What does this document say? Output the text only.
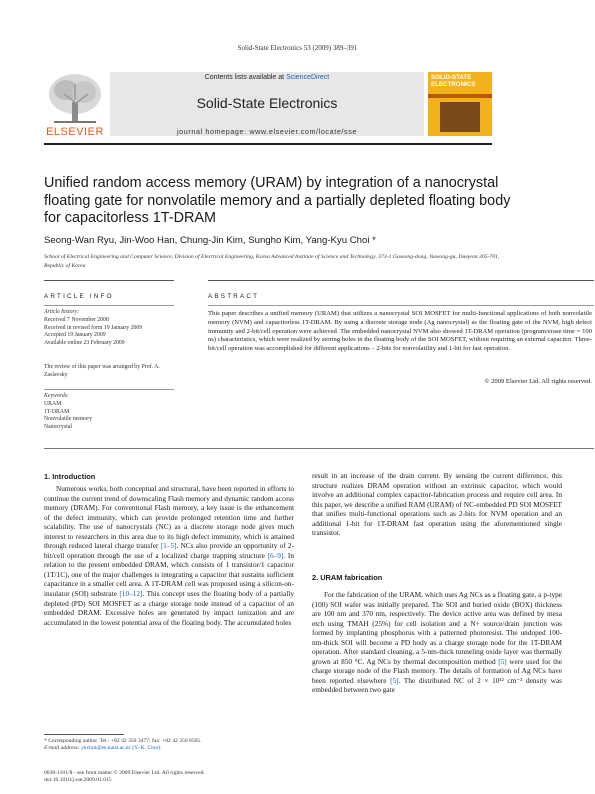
Solid-State Electronics 53 (2009) 389–391
ELSEVIER
Contents lists available at ScienceDirect
Solid-State Electronics
journal homepage: www.elsevier.com/locate/sse
SOLID-STATE ELECTRONICS
Unified random access memory (URAM) by integration of a nanocrystal floating gate for nonvolatile memory and a partially depleted floating body for capacitorless 1T-DRAM
Seong-Wan Ryu, Jin-Woo Han, Chung-Jin Kim, Sungho Kim, Yang-Kyu Choi *
School of Electrical Engineering and Computer Science, Division of Electrical Engineering, Korea Advanced Institute of Science and Technology, 373-1 Guseong-dong, Yuseong-gu, Daejeon 305-701, Republic of Korea
ARTICLE INFO	ABSTRACT
Article history:
Received 7 November 2008
Received in revised form 19 January 2009
Accepted 19 January 2009
Available online 23 February 2009
The review of this paper was arranged by Prof. A. Zaslavsky
Keywords:
URAM
1T-DRAM
Nonvolatile memory
Nanocrystal
This paper describes a unified memory (URAM) that utilizes a nanocrystal SOI MOSFET for multi-functional applications of both nonvolatile memory (NVM) and capacitorless 1T-DRAM. By using a discrete storage node (Ag nanocrystal) as the floating gate of the NVM, high defect immunity and 2-bit/cell operation were achieved. The embedded nanocrystal NVM also showed 1T-DRAM operation (program/erase time = 100 ns) characteristics, which were realized by storing holes in the floating body of the SOI MOSFET, without requiring an external capacitor. Three-bit/cell operation was accomplished for different applications – 2-bits for nonvolatility and 1-bit for fast operation.
© 2009 Elsevier Ltd. All rights reserved.
1. Introduction

Numerous works, both conceptual and structural, have been reported in efforts to continue the current trend of downscaling Flash memory and dynamic random access memory (DRAM). For conventional Flash memory, a key issue is the enhancement of the defect immunity, which can provide prolonged retention time and further scalability. The use of nanocrystals (NC) as a discrete storage node gives much interest to researchers in this area due to its high defect immunity, which is attained through reduced lateral charge transfer [1–5]. NCs also provide an opportunity of 2-bit/cell operation through the use of a localized charge trapping structure [6–9]. In relation to the present embedded DRAM, which consists of 1 transistor/1 capacitor (1T/1C), one of the major challenges is integrating a capacitor that sustains sufficient capacitance in a smaller cell area. A 1T-DRAM cell was proposed using a silicon-on-insulator (SOI) substrate [10–12]. This concept uses the floating body of a partially depleted (PD) SOI MOSFET as a charge storage node instead of a capacitor of an embedded DRAM. Excessive holes are generated by impact ionization and are accumulated in the lowest potential area of the floating body. The accumulated holes

result in an increase of the drain current. By sensing the current difference, this structure realizes DRAM operation without an extrinsic capacitor, which would involve an additional complex capacitor-fabrication process and require cell area. In this paper, we describe a unified RAM (URAM) of NC-embedded PD SOI MOSFET that unifies multi-functional operations such as 2-bits for NVM operation and an additional 1-bit for 1T-DRAM fast operation using the aforementioned single transistor.

2. URAM fabrication

For the fabrication of the URAM, which uses Ag NCs as a floating gate, a p-type (100) SOI wafer was initially prepared. The SOI and buried oxide (BOX) thickness are 100 nm and 370 nm, respectively. The device active area was defined by mesa etch using TMAH (25%) for cell isolation and a N+ source/drain junction was formed by implanting phosphorus with a patterned photoresist. The undoped 100-nm-thick SOI will become a PD body as a charge storage node for the 1T-DRAM operation. After standard cleaning, a 5-nm-thick tunneling oxide layer was thermally grown at 850 °C. Ag NCs by thermal decomposition method [5] were used for the charge storage node of the Flash memory. The details of formation of Ag NCs have been reported elsewhere [5]. The distributed NC of 2 × 10¹² cm⁻² density was embedded between two gate

* Corresponding author. Tel.: +82 42 350 3477; fax: +82 42 350 8565.
E-mail address: ykchoi@ee.kaist.ac.kr (Y.-K. Choi).
0038-1101/$ - see front matter © 2009 Elsevier Ltd. All rights reserved.
doi:10.1016/j.sse.2009.01.015
